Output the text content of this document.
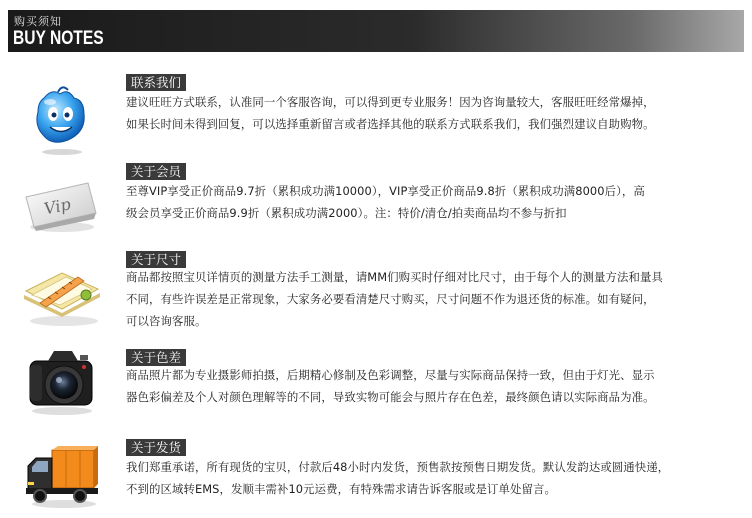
购买须知
BUY NOTES
联系我们
建议旺旺方式联系，认准同一个客服咨询，可以得到更专业服务！因为咨询量较大，客服旺旺经常爆掉，
如果长时间未得到回复，可以选择重新留言或者选择其他的联系方式联系我们，我们强烈建议自助购物。
Vip
关于会员
至尊VIP享受正价商品9.7折（累积成功满10000），VIP享受正价商品9.8折（累积成功满8000后），高
级会员享受正价商品9.9折（累积成功满2000）。注：特价/清仓/拍卖商品均不参与折扣
关于尺寸
商品都按照宝贝详情页的测量方法手工测量，请MM们购买时仔细对比尺寸，由于每个人的测量方法和量具
不同，有些许误差是正常现象，大家务必要看清楚尺寸购买，尺寸问题不作为退还货的标准。如有疑问，
可以咨询客服。
关于色差
商品照片都为专业摄影师拍摄，后期精心修制及色彩调整，尽量与实际商品保持一致，但由于灯光、显示
器色彩偏差及个人对颜色理解等的不同，导致实物可能会与照片存在色差，最终颜色请以实际商品为准。
关于发货
我们郑重承诺，所有现货的宝贝，付款后48小时内发货，预售款按预售日期发货。默认发韵达或圆通快递，
不到的区域转EMS，发顺丰需补10元运费，有特殊需求请告诉客服或是订单处留言。
